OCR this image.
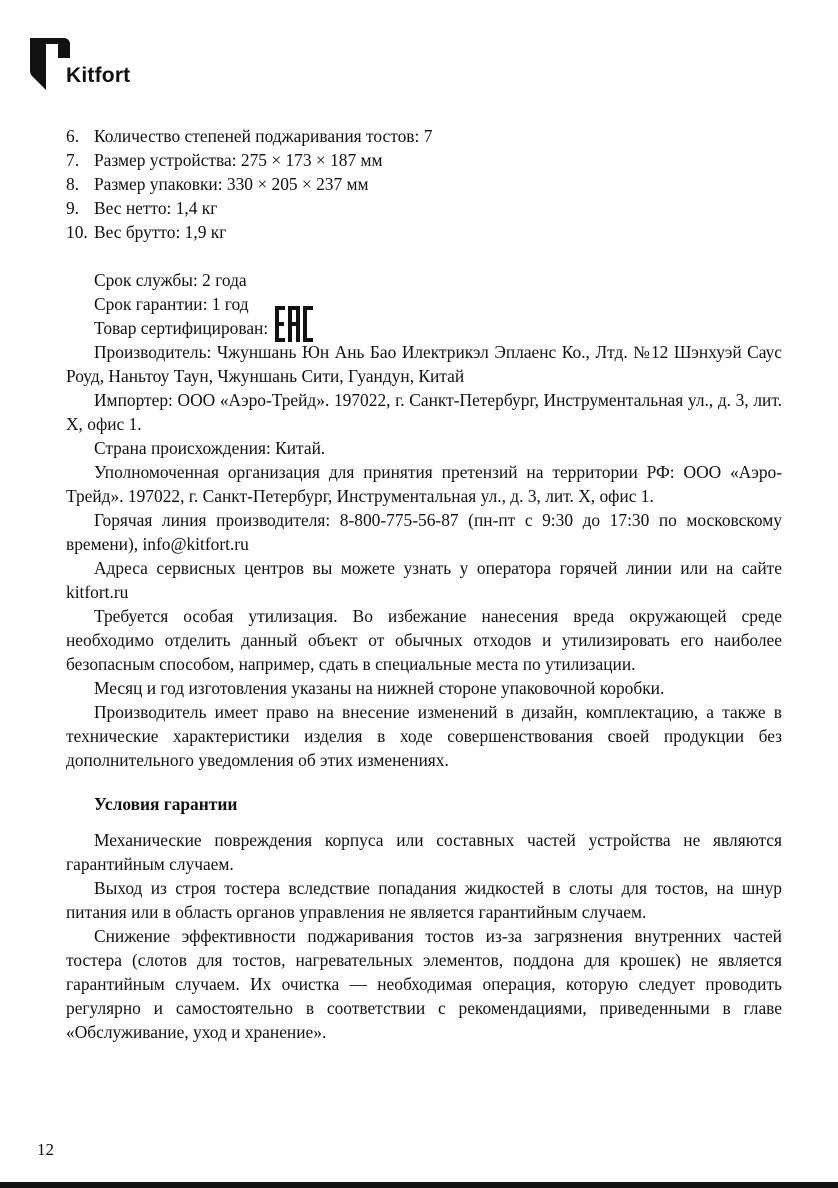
Kitfort
6. Количество степеней поджаривания тостов: 7
7. Размер устройства: 275 × 173 × 187 мм
8. Размер упаковки: 330 × 205 × 237 мм
9. Вес нетто: 1,4 кг
10. Вес брутто: 1,9 кг

Срок службы: 2 года

Срок гарантии: 1 год

Товар сертифицирован:

Производитель: Чжуншань Юн Ань Бао Илектрикэл Эплаенс Ко., Лтд. №12 Шэнхуэй Саус Роуд, Наньтоу Таун, Чжуншань Сити, Гуандун, Китай

Импортер: ООО «Аэро-Трейд». 197022, г. Санкт-Петербург, Инструментальная ул., д. 3, лит. Х, офис 1.

Страна происхождения: Китай.

Уполномоченная организация для принятия претензий на территории РФ: ООО «Аэро-Трейд». 197022, г. Санкт-Петербург, Инструментальная ул., д. 3, лит. Х, офис 1.

Горячая линия производителя: 8-800-775-56-87 (пн-пт с 9:30 до 17:30 по московскому времени), info@kitfort.ru

Адреса сервисных центров вы можете узнать у оператора горячей линии или на сайте kitfort.ru

Требуется особая утилизация. Во избежание нанесения вреда окружающей среде необходимо отделить данный объект от обычных отходов и утилизировать его наиболее безопасным способом, например, сдать в специальные места по утилизации.

Месяц и год изготовления указаны на нижней стороне упаковочной коробки.

Производитель имеет право на внесение изменений в дизайн, комплектацию, а также в технические характеристики изделия в ходе совершенствования своей продукции без дополнительного уведомления об этих изменениях.

Условия гарантии

Механические повреждения корпуса или составных частей устройства не являются гарантийным случаем.

Выход из строя тостера вследствие попадания жидкостей в слоты для тостов, на шнур питания или в область органов управления не является гарантийным случаем.

Снижение эффективности поджаривания тостов из-за загрязнения внутренних частей тостера (слотов для тостов, нагревательных элементов, поддона для крошек) не является гарантийным случаем. Их очистка — необходимая операция, которую следует проводить регулярно и самостоятельно в соответствии с рекомендациями, приведенными в главе «Обслуживание, уход и хранение».

12
